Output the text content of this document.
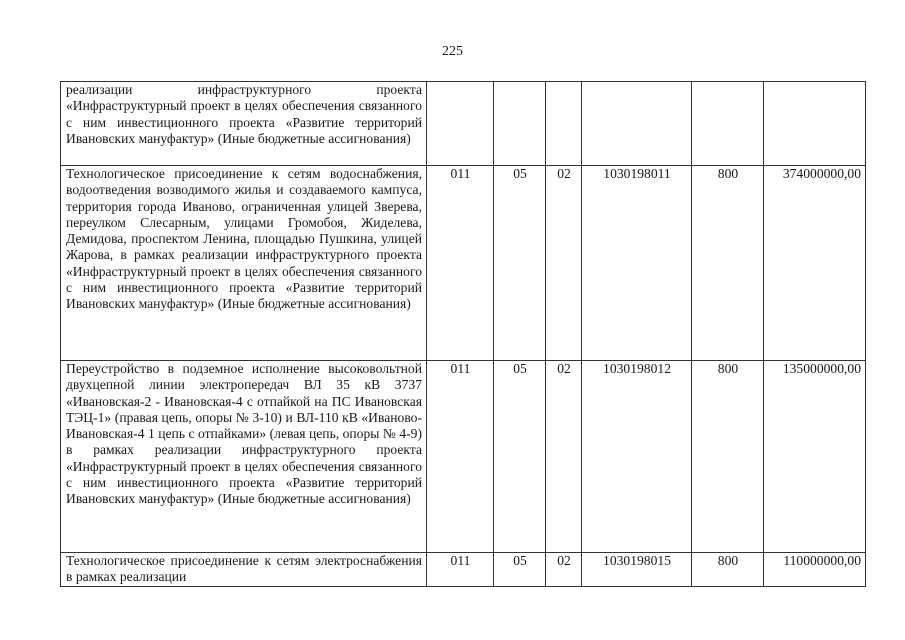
225
реализации инфраструктурного проекта «Инфраструктурный проект в целях обеспечения связанного с ним инвестиционного проекта «Развитие территорий Ивановских мануфактур» (Иные бюджетные ассигнования)						
Технологическое присоединение к сетям водоснабжения, водоотведения возводимого жилья и создаваемого кампуса, территория города Иваново, ограниченная улицей Зверева, переулком Слесарным, улицами Громобоя, Жиделева, Демидова, проспектом Ленина, площадью Пушкина, улицей Жарова, в рамках реализации инфраструктурного проекта «Инфраструктурный проект в целях обеспечения связанного с ним инвестиционного проекта «Развитие территорий Ивановских мануфактур» (Иные бюджетные ассигнования)	011	05	02	1030198011	800	374000000,00
Переустройство в подземное исполнение высоковольтной двухцепной линии электропередач ВЛ 35 кВ 3737 «Ивановская-2 - Ивановская-4 с отпайкой на ПС Ивановская ТЭЦ-1» (правая цепь, опоры № 3-10) и ВЛ-110 кВ «Иваново-Ивановская-4 1 цепь с отпайками» (левая цепь, опоры № 4-9) в рамках реализации инфраструктурного проекта «Инфраструктурный проект в целях обеспечения связанного с ним инвестиционного проекта «Развитие территорий Ивановских мануфактур» (Иные бюджетные ассигнования)	011	05	02	1030198012	800	135000000,00
Технологическое присоединение к сетям электроснабжения в рамках реализации	011	05	02	1030198015	800	110000000,00
